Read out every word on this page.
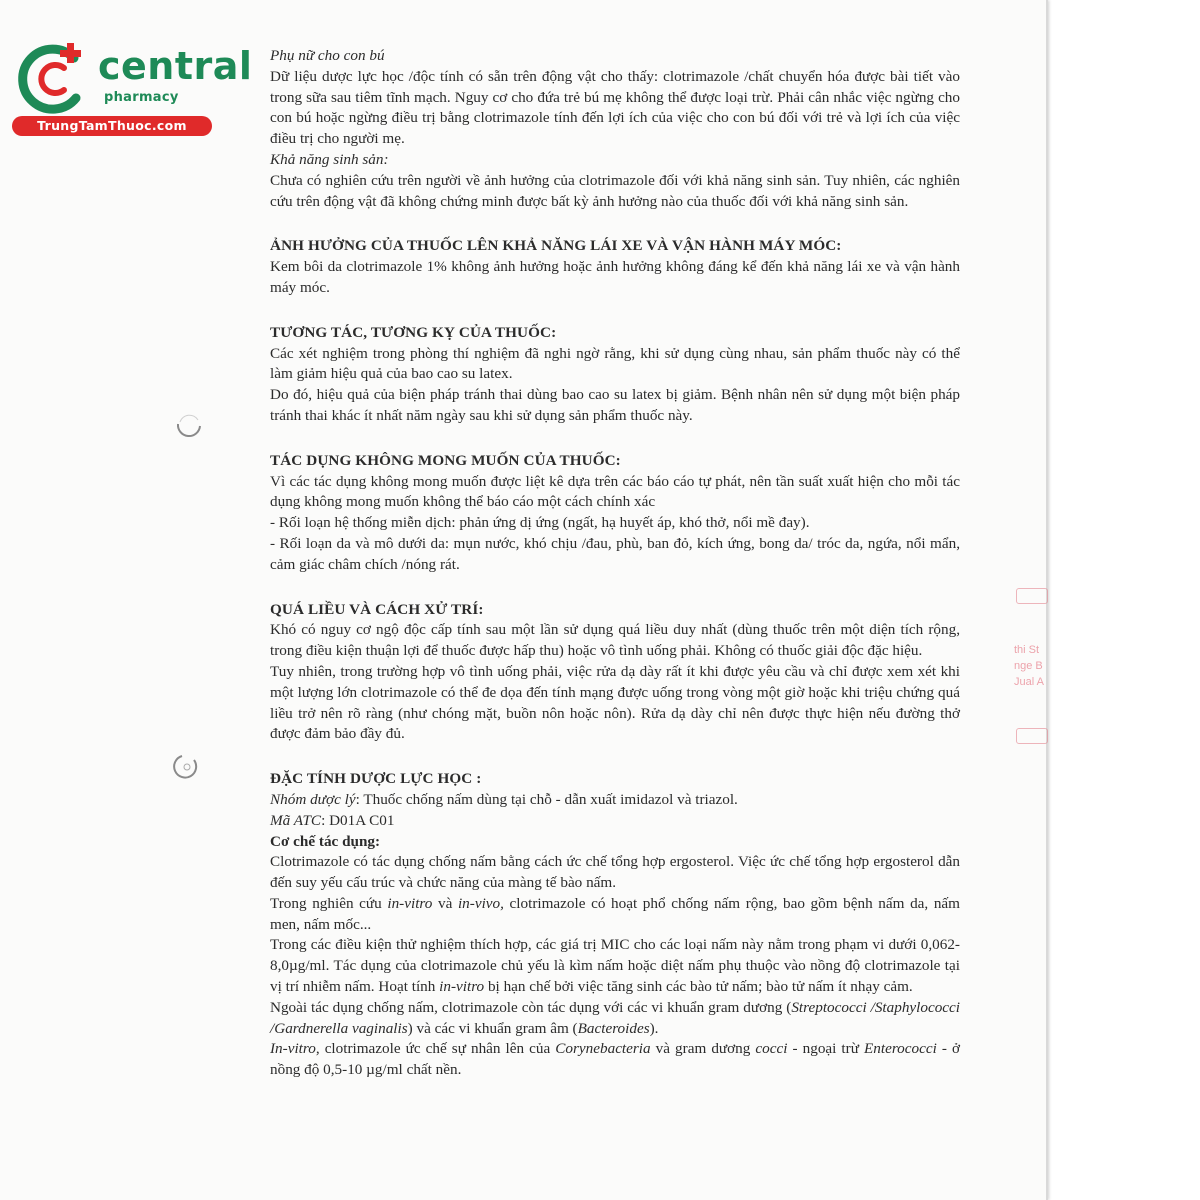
central
pharmacy
TrungTamThuoc.com
thi St
nge B
Jual A

Phụ nữ cho con bú

Dữ liệu dược lực học /độc tính có sẵn trên động vật cho thấy: clotrimazole /chất chuyển hóa được bài tiết vào trong sữa sau tiêm tĩnh mạch. Nguy cơ cho đứa trẻ bú mẹ không thể được loại trừ. Phải cân nhắc việc ngừng cho con bú hoặc ngừng điều trị bằng clotrimazole tính đến lợi ích của việc cho con bú đối với trẻ và lợi ích của việc điều trị cho người mẹ.

Khả năng sinh sản:

Chưa có nghiên cứu trên người về ảnh hưởng của clotrimazole đối với khả năng sinh sản. Tuy nhiên, các nghiên cứu trên động vật đã không chứng minh được bất kỳ ảnh hưởng nào của thuốc đối với khả năng sinh sản.

ẢNH HƯỞNG CỦA THUỐC LÊN KHẢ NĂNG LÁI XE VÀ VẬN HÀNH MÁY MÓC:

Kem bôi da clotrimazole 1% không ảnh hưởng hoặc ảnh hưởng không đáng kể đến khả năng lái xe và vận hành máy móc.

TƯƠNG TÁC, TƯƠNG KỴ CỦA THUỐC:

Các xét nghiệm trong phòng thí nghiệm đã nghi ngờ rằng, khi sử dụng cùng nhau, sản phẩm thuốc này có thể làm giảm hiệu quả của bao cao su latex.

Do đó, hiệu quả của biện pháp tránh thai dùng bao cao su latex bị giảm. Bệnh nhân nên sử dụng một biện pháp tránh thai khác ít nhất năm ngày sau khi sử dụng sản phẩm thuốc này.

TÁC DỤNG KHÔNG MONG MUỐN CỦA THUỐC:

Vì các tác dụng không mong muốn được liệt kê dựa trên các báo cáo tự phát, nên tần suất xuất hiện cho mỗi tác dụng không mong muốn không thể báo cáo một cách chính xác

- Rối loạn hệ thống miễn dịch: phản ứng dị ứng (ngất, hạ huyết áp, khó thở, nổi mề đay).

- Rối loạn da và mô dưới da: mụn nước, khó chịu /đau, phù, ban đỏ, kích ứng, bong da/ tróc da, ngứa, nổi mẩn, cảm giác châm chích /nóng rát.

QUÁ LIỀU VÀ CÁCH XỬ TRÍ:

Khó có nguy cơ ngộ độc cấp tính sau một lần sử dụng quá liều duy nhất (dùng thuốc trên một diện tích rộng, trong điều kiện thuận lợi để thuốc được hấp thu) hoặc vô tình uống phải. Không có thuốc giải độc đặc hiệu.

Tuy nhiên, trong trường hợp vô tình uống phải, việc rửa dạ dày rất ít khi được yêu cầu và chỉ được xem xét khi một lượng lớn clotrimazole có thể đe dọa đến tính mạng được uống trong vòng một giờ hoặc khi triệu chứng quá liều trở nên rõ ràng (như chóng mặt, buồn nôn hoặc nôn). Rửa dạ dày chỉ nên được thực hiện nếu đường thở được đảm bảo đầy đủ.

ĐẶC TÍNH DƯỢC LỰC HỌC :

Nhóm dược lý: Thuốc chống nấm dùng tại chỗ - dẫn xuất imidazol và triazol.

Mã ATC: D01A C01

Cơ chế tác dụng:

Clotrimazole có tác dụng chống nấm bằng cách ức chế tổng hợp ergosterol. Việc ức chế tổng hợp ergosterol dẫn đến suy yếu cấu trúc và chức năng của màng tế bào nấm.

Trong nghiên cứu in-vitro và in-vivo, clotrimazole có hoạt phổ chống nấm rộng, bao gồm bệnh nấm da, nấm men, nấm mốc...

Trong các điều kiện thử nghiệm thích hợp, các giá trị MIC cho các loại nấm này nằm trong phạm vi dưới 0,062-8,0µg/ml. Tác dụng của clotrimazole chủ yếu là kìm nấm hoặc diệt nấm phụ thuộc vào nồng độ clotrimazole tại vị trí nhiễm nấm. Hoạt tính in-vitro bị hạn chế bởi việc tăng sinh các bào tử nấm; bào tử nấm ít nhạy cảm.

Ngoài tác dụng chống nấm, clotrimazole còn tác dụng với các vi khuẩn gram dương (Streptococci /Staphylococci /Gardnerella vaginalis) và các vi khuẩn gram âm (Bacteroides).

In-vitro, clotrimazole ức chế sự nhân lên của Corynebacteria và gram dương cocci - ngoại trừ Enterococci - ở nồng độ 0,5-10 µg/ml chất nền.
